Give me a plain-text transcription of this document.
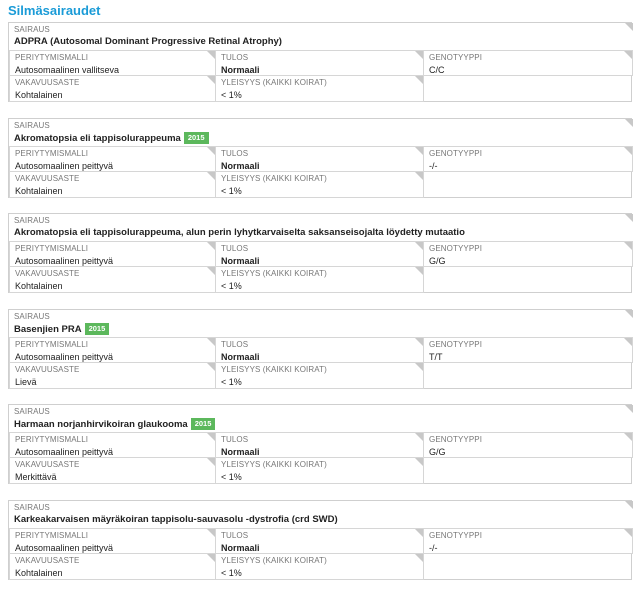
Silmäsairaudet
SAIRAUS
ADPRA (Autosomal Dominant Progressive Retinal Atrophy)
PERIYTYMISMALLI
Autosomaalinen vallitseva
TULOS
Normaali
GENOTYYPPI
C/C
VAKAVUUSASTE
Kohtalainen
YLEISYYS (KAIKKI KOIRAT)
< 1%
SAIRAUS
Akromatopsia eli tappisolurappeuma 2015
PERIYTYMISMALLI
Autosomaalinen peittyvä
TULOS
Normaali
GENOTYYPPI
-/-
VAKAVUUSASTE
Kohtalainen
YLEISYYS (KAIKKI KOIRAT)
< 1%
SAIRAUS
Akromatopsia eli tappisolurappeuma, alun perin lyhytkarvaiselta saksanseisojalta löydetty mutaatio
PERIYTYMISMALLI
Autosomaalinen peittyvä
TULOS
Normaali
GENOTYYPPI
G/G
VAKAVUUSASTE
Kohtalainen
YLEISYYS (KAIKKI KOIRAT)
< 1%
SAIRAUS
Basenjien PRA 2015
PERIYTYMISMALLI
Autosomaalinen peittyvä
TULOS
Normaali
GENOTYYPPI
T/T
VAKAVUUSASTE
Lievä
YLEISYYS (KAIKKI KOIRAT)
< 1%
SAIRAUS
Harmaan norjanhirvikoiran glaukooma 2015
PERIYTYMISMALLI
Autosomaalinen peittyvä
TULOS
Normaali
GENOTYYPPI
G/G
VAKAVUUSASTE
Merkittävä
YLEISYYS (KAIKKI KOIRAT)
< 1%
SAIRAUS
Karkeakarvaisen mäyräkoiran tappisolu-sauvasolu -dystrofia (crd SWD)
PERIYTYMISMALLI
Autosomaalinen peittyvä
TULOS
Normaali
GENOTYYPPI
-/-
VAKAVUUSASTE
Kohtalainen
YLEISYYS (KAIKKI KOIRAT)
< 1%
